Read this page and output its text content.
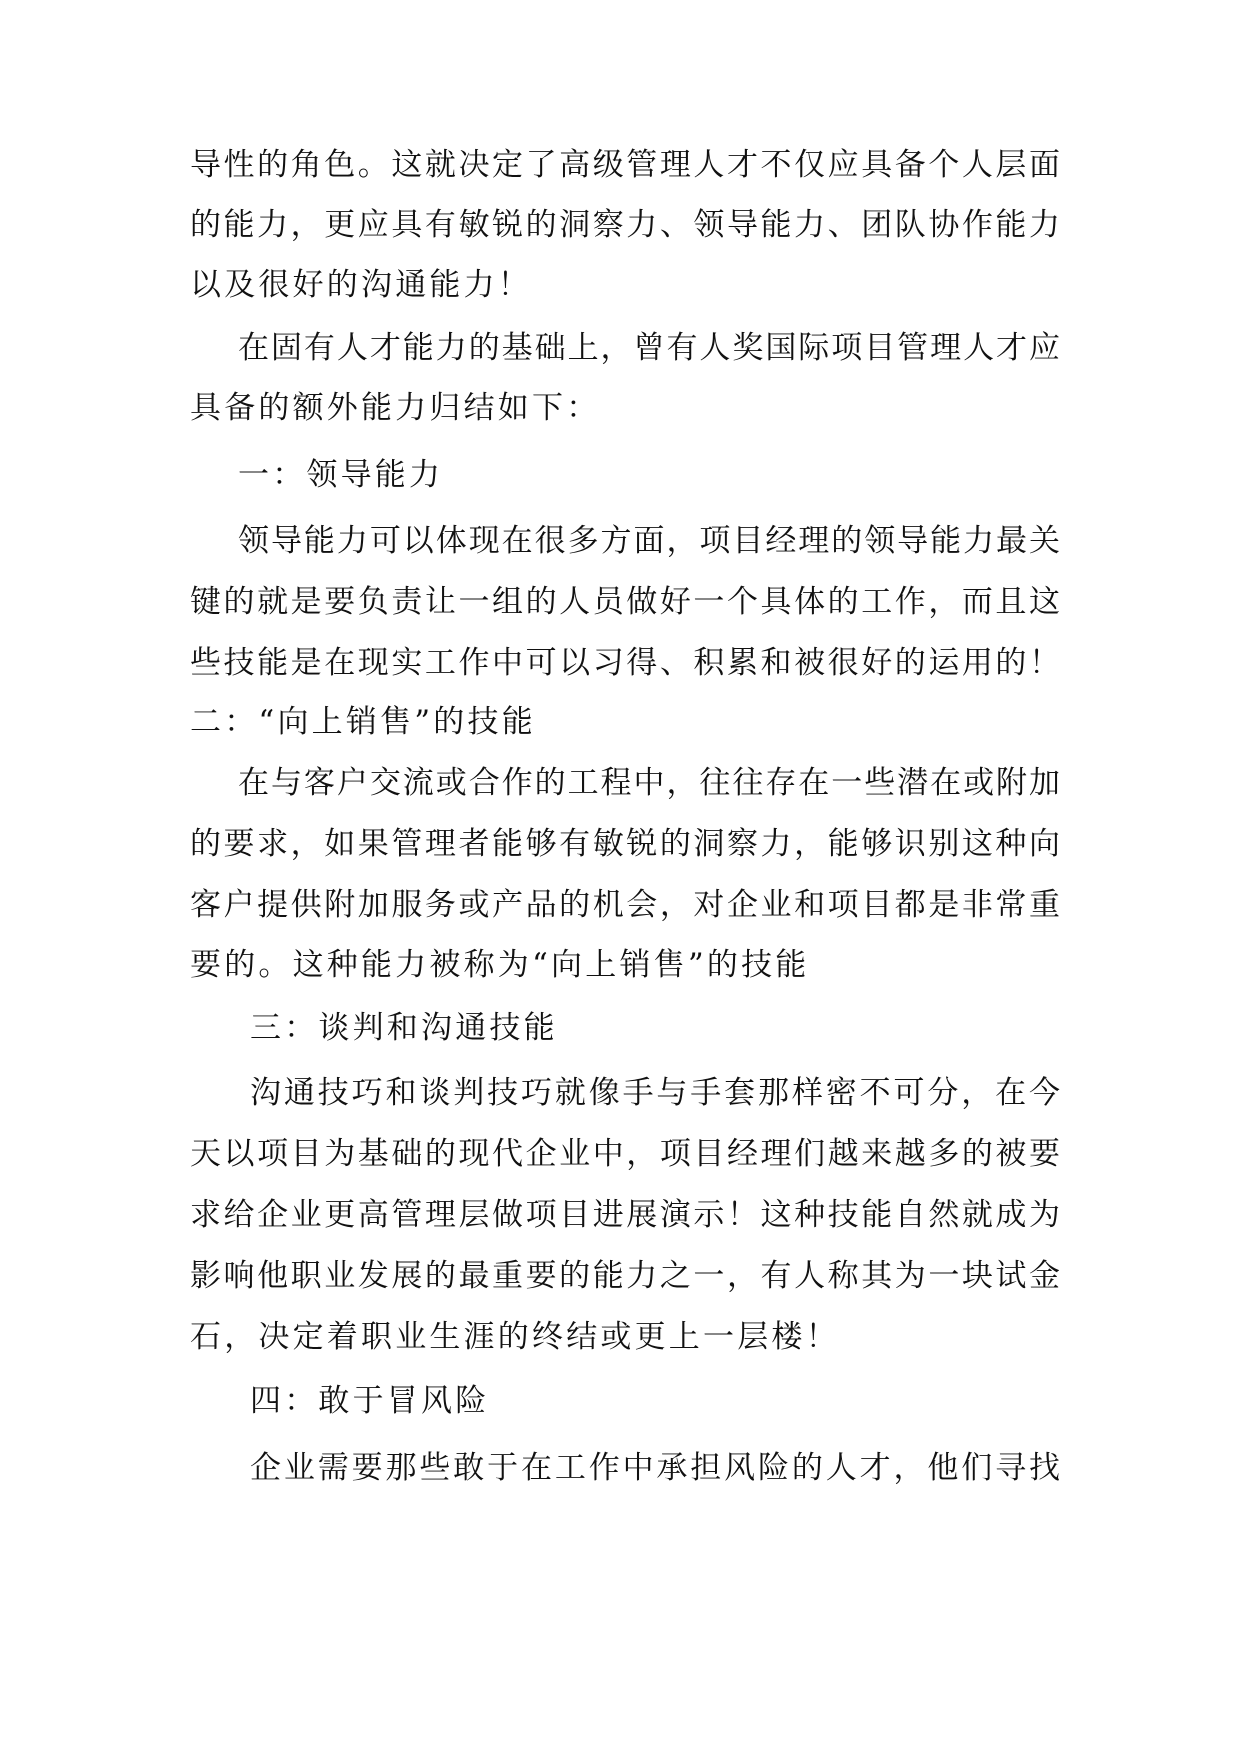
导性的角色。这就决定了高级管理人才不仅应具备个人层面
的能力，更应具有敏锐的洞察力、领导能力、团队协作能力
以及很好的沟通能力！
在固有人才能力的基础上，曾有人奖国际项目管理人才应
具备的额外能力归结如下：
一：领导能力
领导能力可以体现在很多方面，项目经理的领导能力最关
键的就是要负责让一组的人员做好一个具体的工作，而且这
些技能是在现实工作中可以习得、积累和被很好的运用的！
二：“向上销售”的技能
在与客户交流或合作的工程中，往往存在一些潜在或附加
的要求，如果管理者能够有敏锐的洞察力，能够识别这种向
客户提供附加服务或产品的机会，对企业和项目都是非常重
要的。这种能力被称为“向上销售”的技能
三：谈判和沟通技能
沟通技巧和谈判技巧就像手与手套那样密不可分，在今
天以项目为基础的现代企业中，项目经理们越来越多的被要
求给企业更高管理层做项目进展演示！这种技能自然就成为
影响他职业发展的最重要的能力之一，有人称其为一块试金
石，决定着职业生涯的终结或更上一层楼！
四：敢于冒风险
企业需要那些敢于在工作中承担风险的人才，他们寻找
